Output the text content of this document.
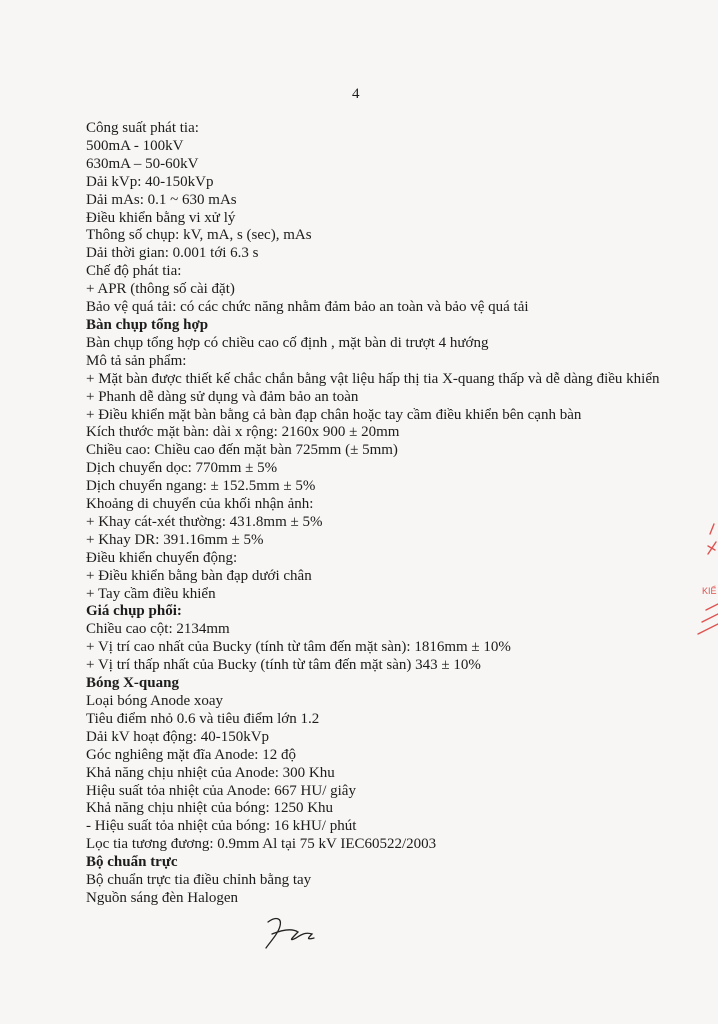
4
Công suất phát tia:
500mA - 100kV
630mA – 50-60kV
Dải kVp: 40-150kVp
Dải mAs: 0.1 ~ 630 mAs
Điều khiển bằng vi xử lý
Thông số chụp: kV, mA, s (sec), mAs
Dải thời gian: 0.001 tới 6.3 s
Chế độ phát tia:
+ APR (thông số cài đặt)
Bảo vệ quá tải: có các chức năng nhằm đảm bảo an toàn và bảo vệ quá tải
Bàn chụp tổng hợp
Bàn chụp tổng hợp có chiều cao cố định , mặt bàn di trượt 4 hướng
Mô tả sản phẩm:
+ Mặt bàn được thiết kế chắc chắn bằng vật liệu hấp thị tia X-quang thấp và dễ dàng điều khiển
+ Phanh dễ dàng sử dụng và đảm bảo an toàn
+ Điều khiển mặt bàn bằng cả bàn đạp chân hoặc tay cầm điều khiển bên cạnh bàn
Kích thước mặt bàn: dài x rộng: 2160x 900 ± 20mm
Chiều cao: Chiều cao đến mặt bàn 725mm (± 5mm)
Dịch chuyển dọc: 770mm ± 5%
Dịch chuyển ngang: ± 152.5mm ± 5%
Khoảng di chuyển của khối nhận ảnh:
+ Khay cát-xét thường: 431.8mm ± 5%
+ Khay DR: 391.16mm ± 5%
Điều khiển chuyển động:
+ Điều khiển bằng bàn đạp dưới chân
+ Tay cầm điều khiển
Giá chụp phổi:
Chiều cao cột: 2134mm
+ Vị trí cao nhất của Bucky (tính từ tâm đến mặt sàn): 1816mm ± 10%
+ Vị trí thấp nhất của Bucky (tính từ tâm đến mặt sàn) 343 ± 10%
Bóng X-quang
Loại bóng Anode xoay
Tiêu điểm nhỏ 0.6 và tiêu điểm lớn 1.2
Dải kV hoạt động: 40-150kVp
Góc nghiêng mặt đĩa Anode: 12 độ
Khả năng chịu nhiệt của Anode: 300 Khu
Hiệu suất tỏa nhiệt của Anode: 667 HU/ giây
Khả năng chịu nhiệt của bóng: 1250 Khu
- Hiệu suất tỏa nhiệt của bóng: 16 kHU/ phút
Lọc tia tương đương: 0.9mm Al tại 75 kV IEC60522/2003
Bộ chuẩn trực
Bộ chuẩn trực tia điều chỉnh bằng tay
Nguồn sáng đèn Halogen
KIỂ
